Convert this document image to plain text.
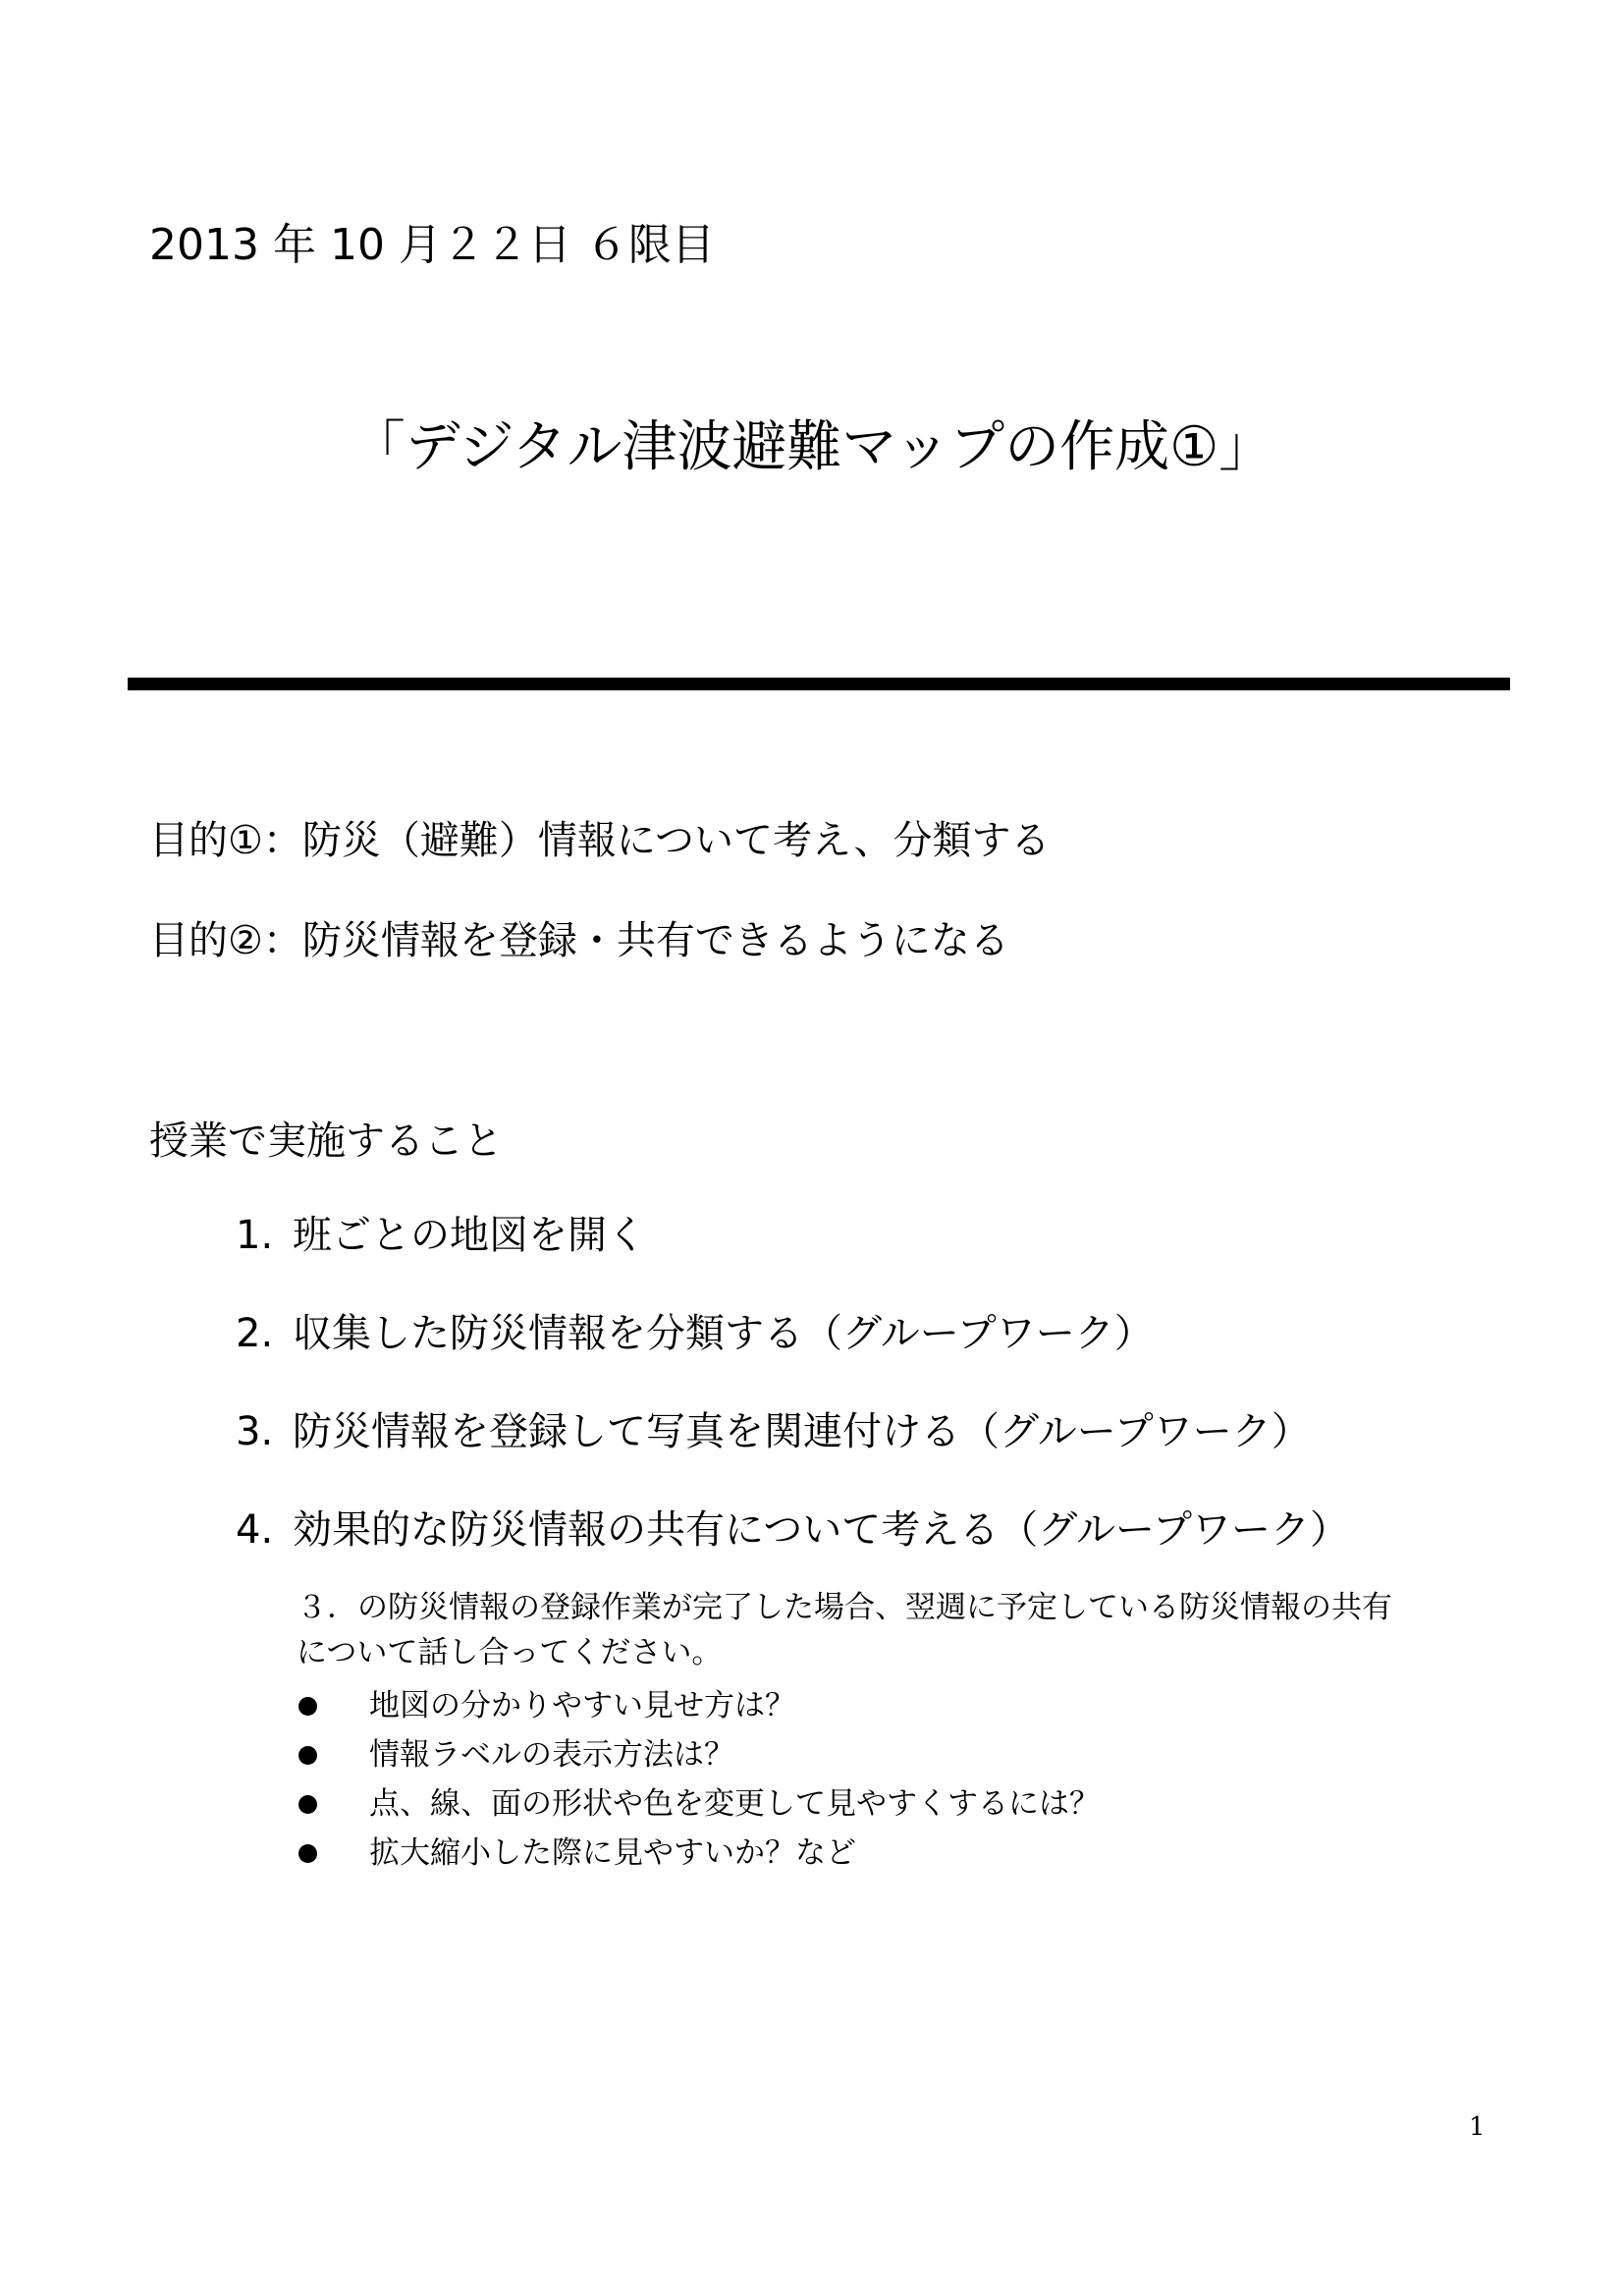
2013 年 10 月２２日 ６限目
「デジタル津波避難マップの作成①」
目的①：防災（避難）情報について考え、分類する
目的②：防災情報を登録・共有できるようになる
授業で実施すること
1. 班ごとの地図を開く
2. 収集した防災情報を分類する（グループワーク）
3. 防災情報を登録して写真を関連付ける（グループワーク）
4. 効果的な防災情報の共有について考える（グループワーク）
３．の防災情報の登録作業が完了した場合、翌週に予定している防災情報の共有
について話し合ってください。
地図の分かりやすい見せ方は？
情報ラベルの表示方法は？
点、線、面の形状や色を変更して見やすくするには？
拡大縮小した際に見やすいか？など
1
